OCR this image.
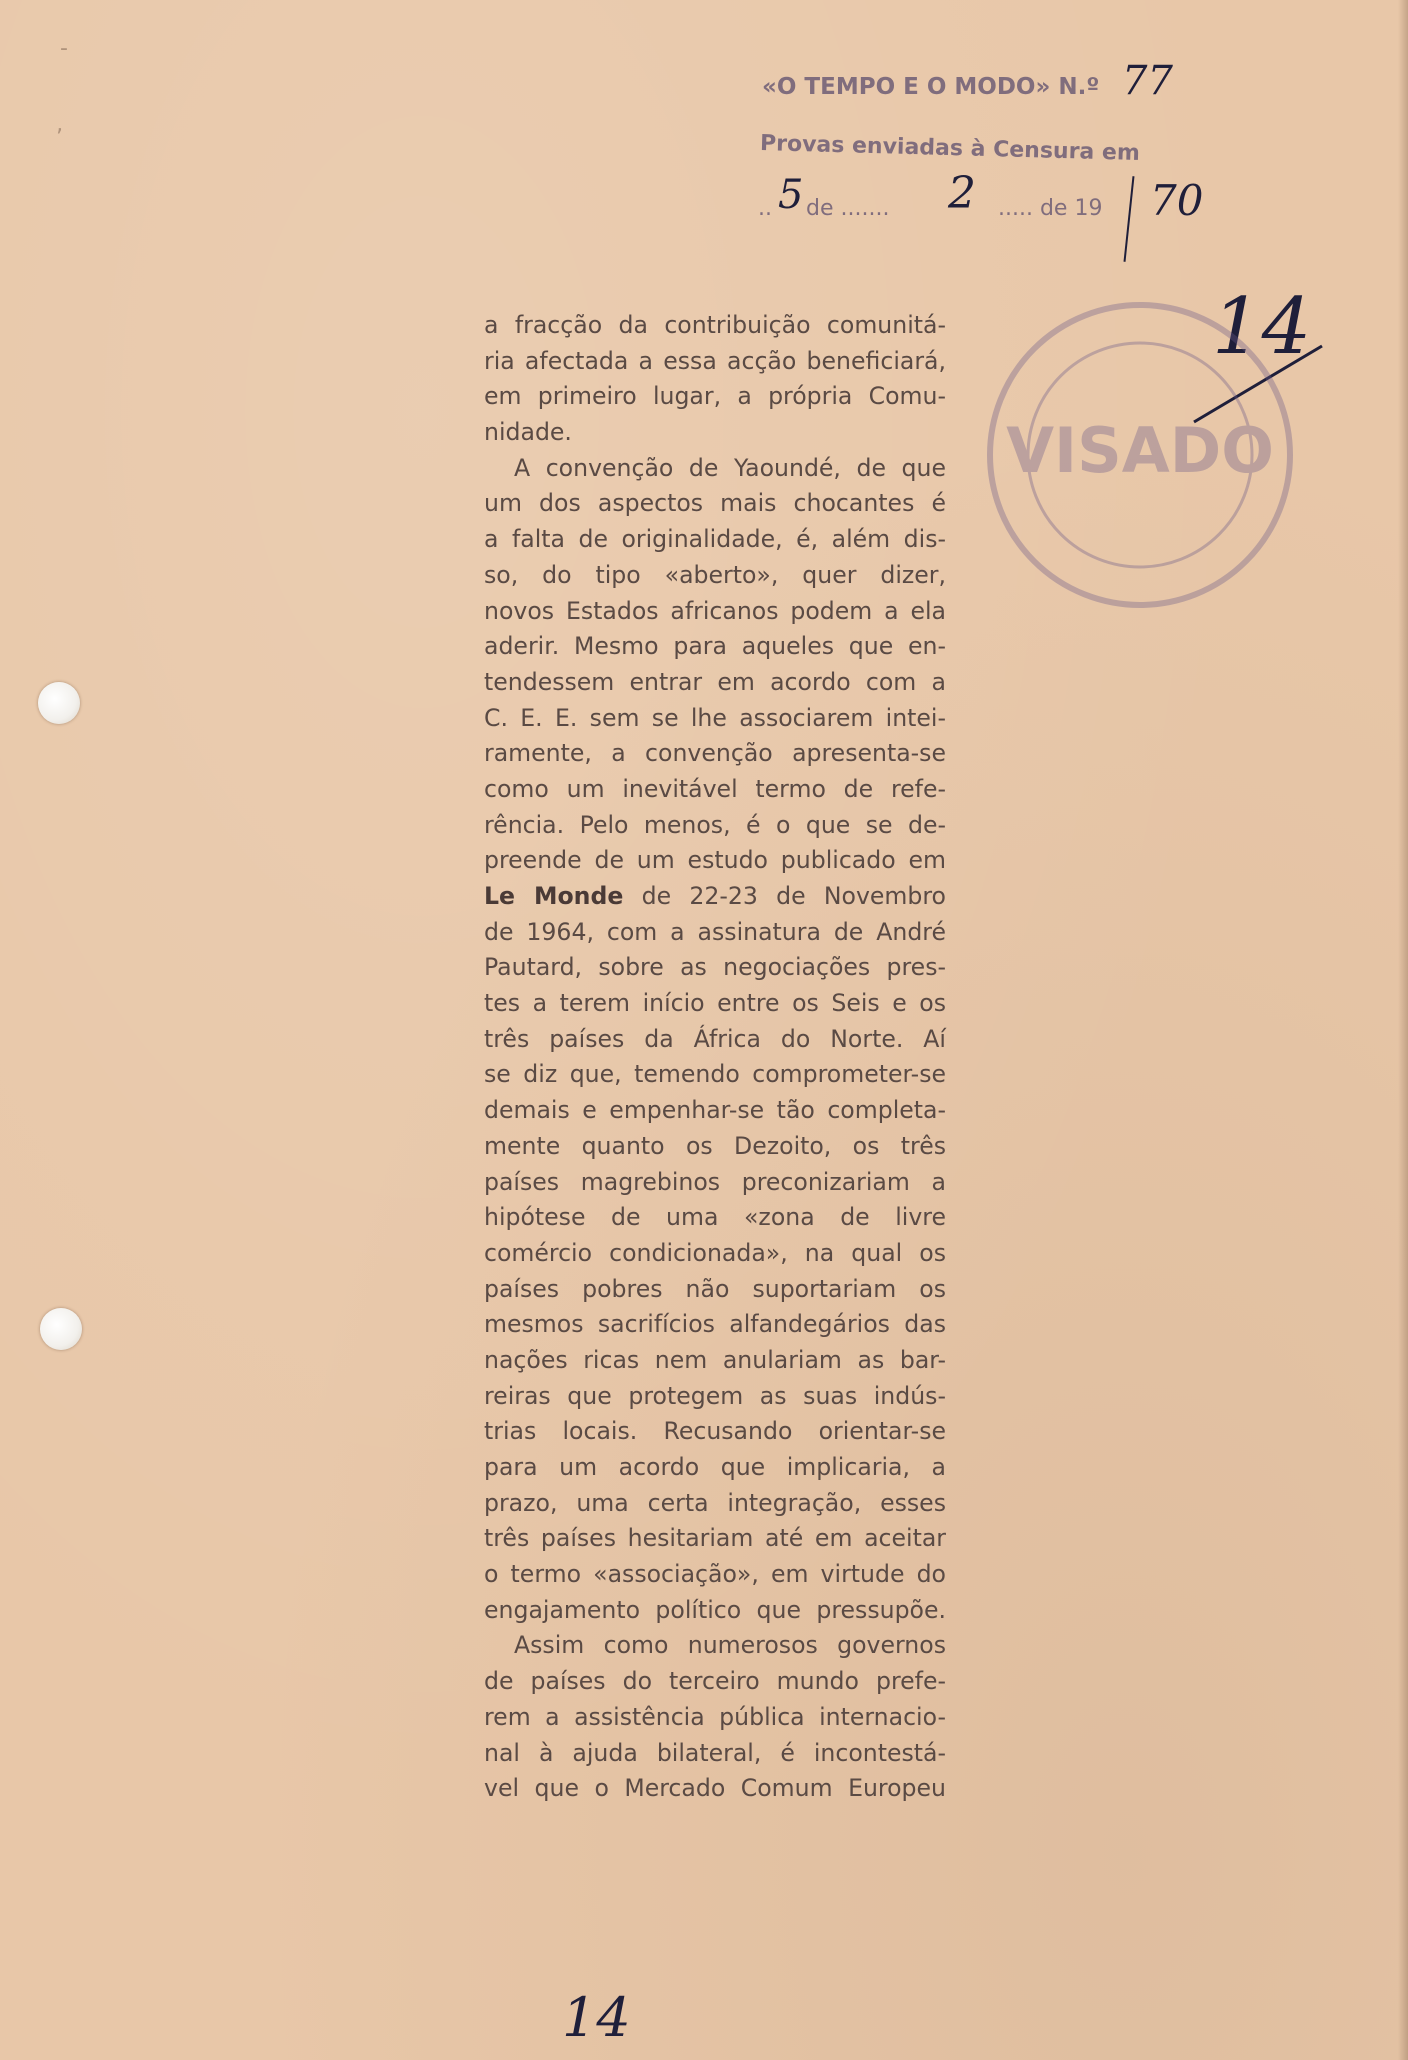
«O TEMPO E O MODO» N.º 77
Provas enviadas à Censura em
.. 5 de ....... 2 ..... de 19 70
14
VISADO
a fracção da contribuição comunitá-
ria afectada a essa acção beneficiará,
em primeiro lugar, a própria Comu-
nidade.
A convenção de Yaoundé, de que
um dos aspectos mais chocantes é
a falta de originalidade, é, além dis-
so, do tipo «aberto», quer dizer,
novos Estados africanos podem a ela
aderir. Mesmo para aqueles que en-
tendessem entrar em acordo com a
C. E. E. sem se lhe associarem intei-
ramente, a convenção apresenta-se
como um inevitável termo de refe-
rência. Pelo menos, é o que se de-
preende de um estudo publicado em
Le Monde de 22-23 de Novembro
de 1964, com a assinatura de André
Pautard, sobre as negociações pres-
tes a terem início entre os Seis e os
três países da África do Norte. Aí
se diz que, temendo comprometer-se
demais e empenhar-se tão completa-
mente quanto os Dezoito, os três
países magrebinos preconizariam a
hipótese de uma «zona de livre
comércio condicionada», na qual os
países pobres não suportariam os
mesmos sacrifícios alfandegários das
nações ricas nem anulariam as bar-
reiras que protegem as suas indús-
trias locais. Recusando orientar-se
para um acordo que implicaria, a
prazo, uma certa integração, esses
três países hesitariam até em aceitar
o termo «associação», em virtude do
engajamento político que pressupõe.
Assim como numerosos governos
de países do terceiro mundo prefe-
rem a assistência pública internacio-
nal à ajuda bilateral, é incontestá-
vel que o Mercado Comum Europeu
14
-
‚
